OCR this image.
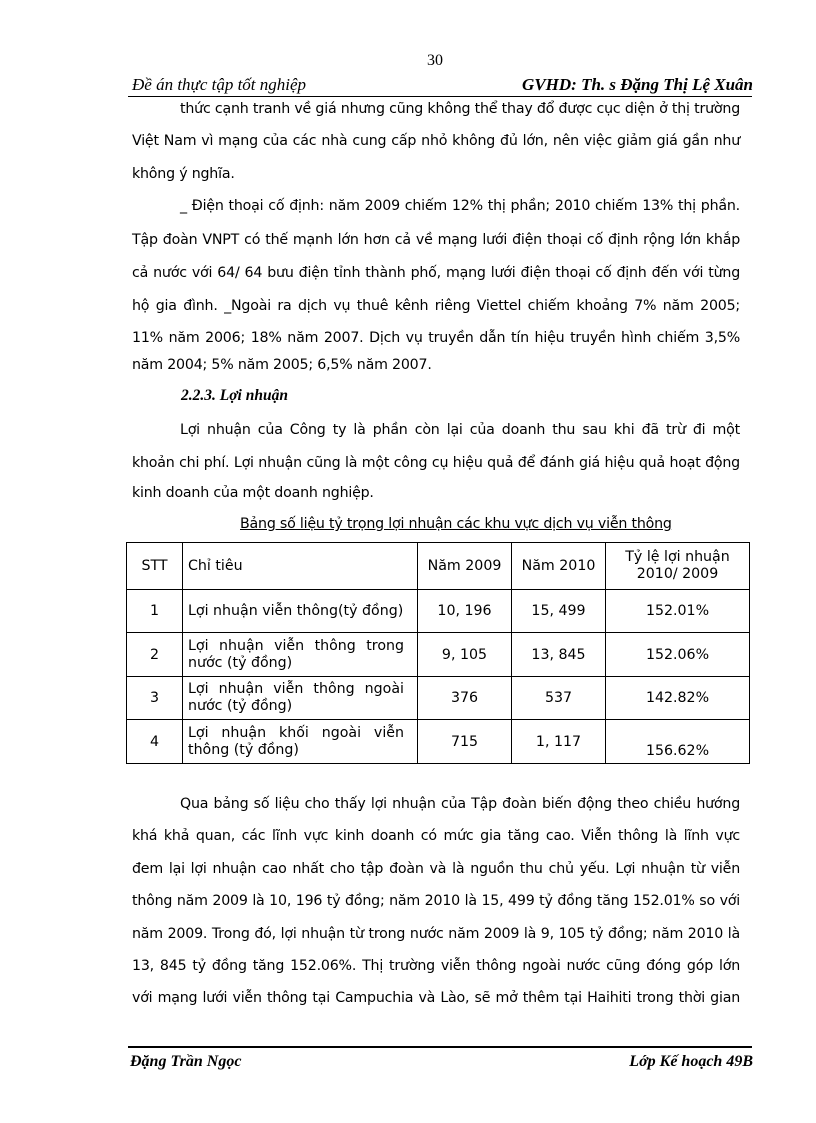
30
Đề án thực tập tốt nghiệp	GVHD: Th. s Đặng Thị Lệ Xuân
thức cạnh tranh về giá nhưng cũng không thể thay đổ được cục diện ở thị trường
Việt Nam vì mạng của các nhà cung cấp nhỏ không đủ lớn, nên việc giảm giá gần như
không ý nghĩa.
_ Điện thoại cố định: năm 2009 chiếm 12% thị phần; 2010 chiếm 13% thị phần.
Tập đoàn VNPT có thế mạnh lớn hơn cả về mạng lưới điện thoại cố định rộng lớn khắp
cả nước với 64/ 64 bưu điện tỉnh thành phố, mạng lưới điện thoại cố định đến với từng
hộ gia đình. _Ngoài ra dịch vụ thuê kênh riêng Viettel chiếm khoảng 7% năm 2005;
11% năm 2006; 18% năm 2007. Dịch vụ truyền dẫn tín hiệu truyền hình chiếm 3,5%
năm 2004; 5% năm 2005; 6,5% năm 2007.
2.2.3. Lợi nhuận
Lợi nhuận của Công ty là phần còn lại của doanh thu sau khi đã trừ đi một
khoản chi phí. Lợi nhuận cũng là một công cụ hiệu quả để đánh giá hiệu quả hoạt động
kinh doanh của một doanh nghiệp.
Bảng số liệu tỷ trọng lợi nhuận các khu vực dịch vụ viễn thông
STT	Chỉ tiêu	Năm 2009	Năm 2010	Tỷ lệ lợi nhuận 2010/ 2009
1	Lợi nhuận viễn thông(tỷ đồng)	10, 196	15, 499	152.01%
2	Lợi nhuận viễn thông trong nước (tỷ đồng)	9, 105	13, 845	152.06%
3	Lợi nhuận viễn thông ngoài nước (tỷ đồng)	376	537	142.82%
4	Lợi nhuận khối ngoài viễn thông (tỷ đồng)	715	1, 117	156.62%
Qua bảng số liệu cho thấy lợi nhuận của Tập đoàn biến động theo chiều hướng
khá khả quan, các lĩnh vực kinh doanh có mức gia tăng cao. Viễn thông là lĩnh vực
đem lại lợi nhuận cao nhất cho tập đoàn và là nguồn thu chủ yếu. Lợi nhuận từ viễn
thông năm 2009 là 10, 196 tỷ đồng; năm 2010 là 15, 499 tỷ đồng tăng 152.01% so với
năm 2009. Trong đó, lợi nhuận từ trong nước năm 2009 là 9, 105 tỷ đồng; năm 2010 là
13, 845 tỷ đồng tăng 152.06%. Thị trường viễn thông ngoài nước cũng đóng góp lớn
với mạng lưới viễn thông tại Campuchia và Lào, sẽ mở thêm tại Haihiti trong thời gian
Đặng Trần Ngọc	Lớp Kế hoạch 49B
